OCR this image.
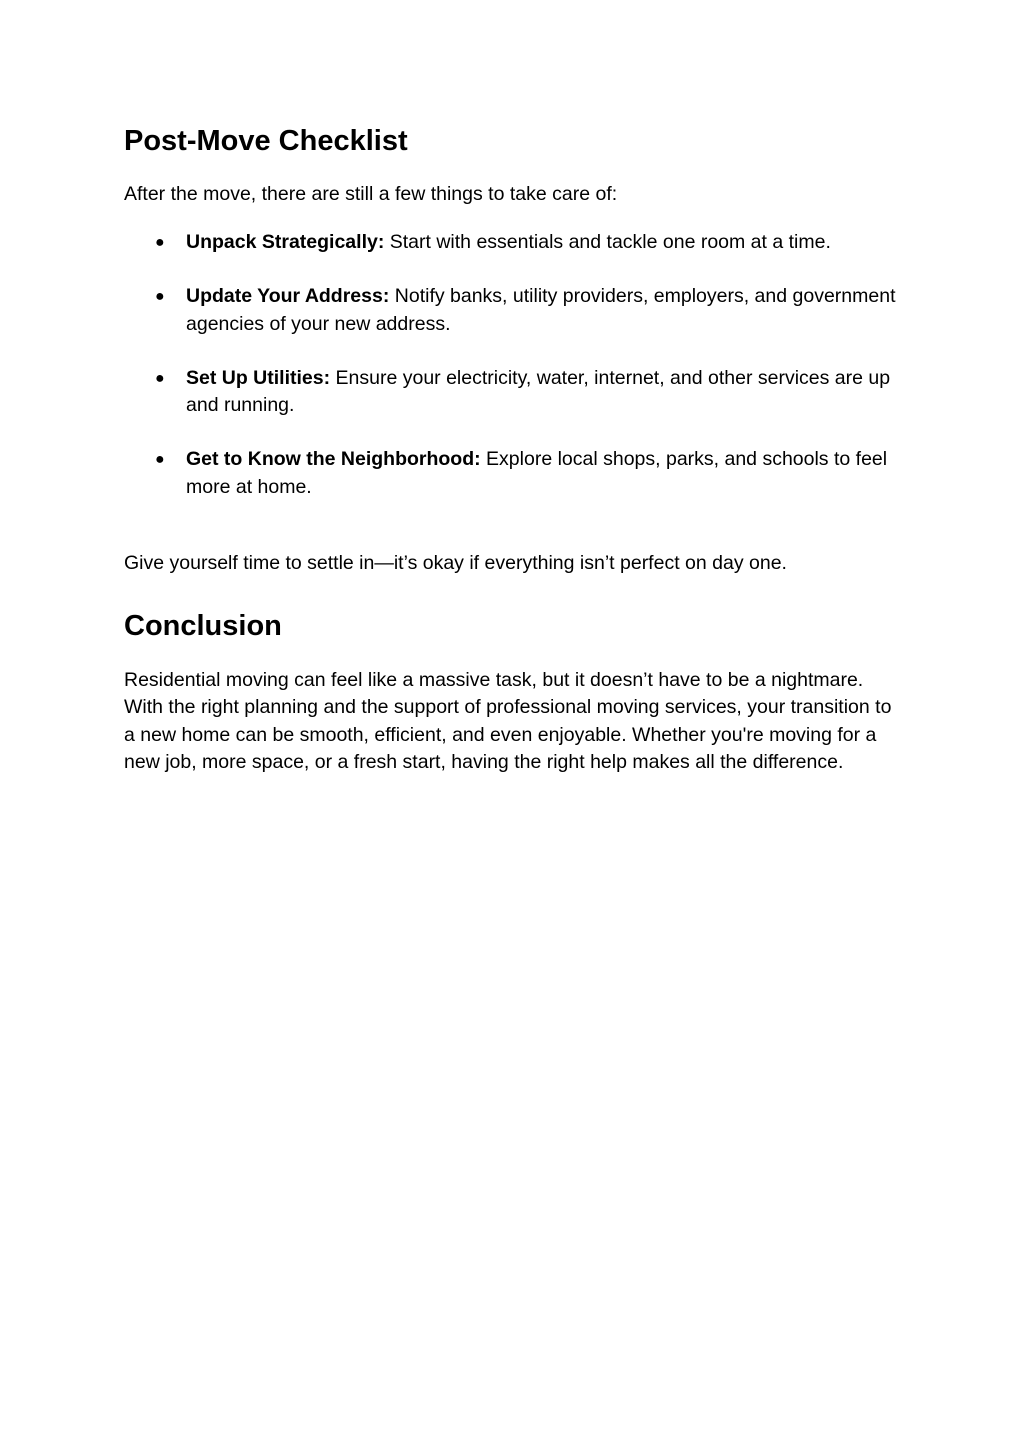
Post-Move Checklist

After the move, there are still a few things to take care of:

● Unpack Strategically: Start with essentials and tackle one room at a time.
● Update Your Address: Notify banks, utility providers, employers, and government agencies of your new address.
● Set Up Utilities: Ensure your electricity, water, internet, and other services are up and running.
● Get to Know the Neighborhood: Explore local shops, parks, and schools to feel more at home.

Give yourself time to settle in—it’s okay if everything isn’t perfect on day one.

Conclusion

Residential moving can feel like a massive task, but it doesn’t have to be a nightmare. With the right planning and the support of professional moving services, your transition to a new home can be smooth, efficient, and even enjoyable. Whether you're moving for a new job, more space, or a fresh start, having the right help makes all the difference.
